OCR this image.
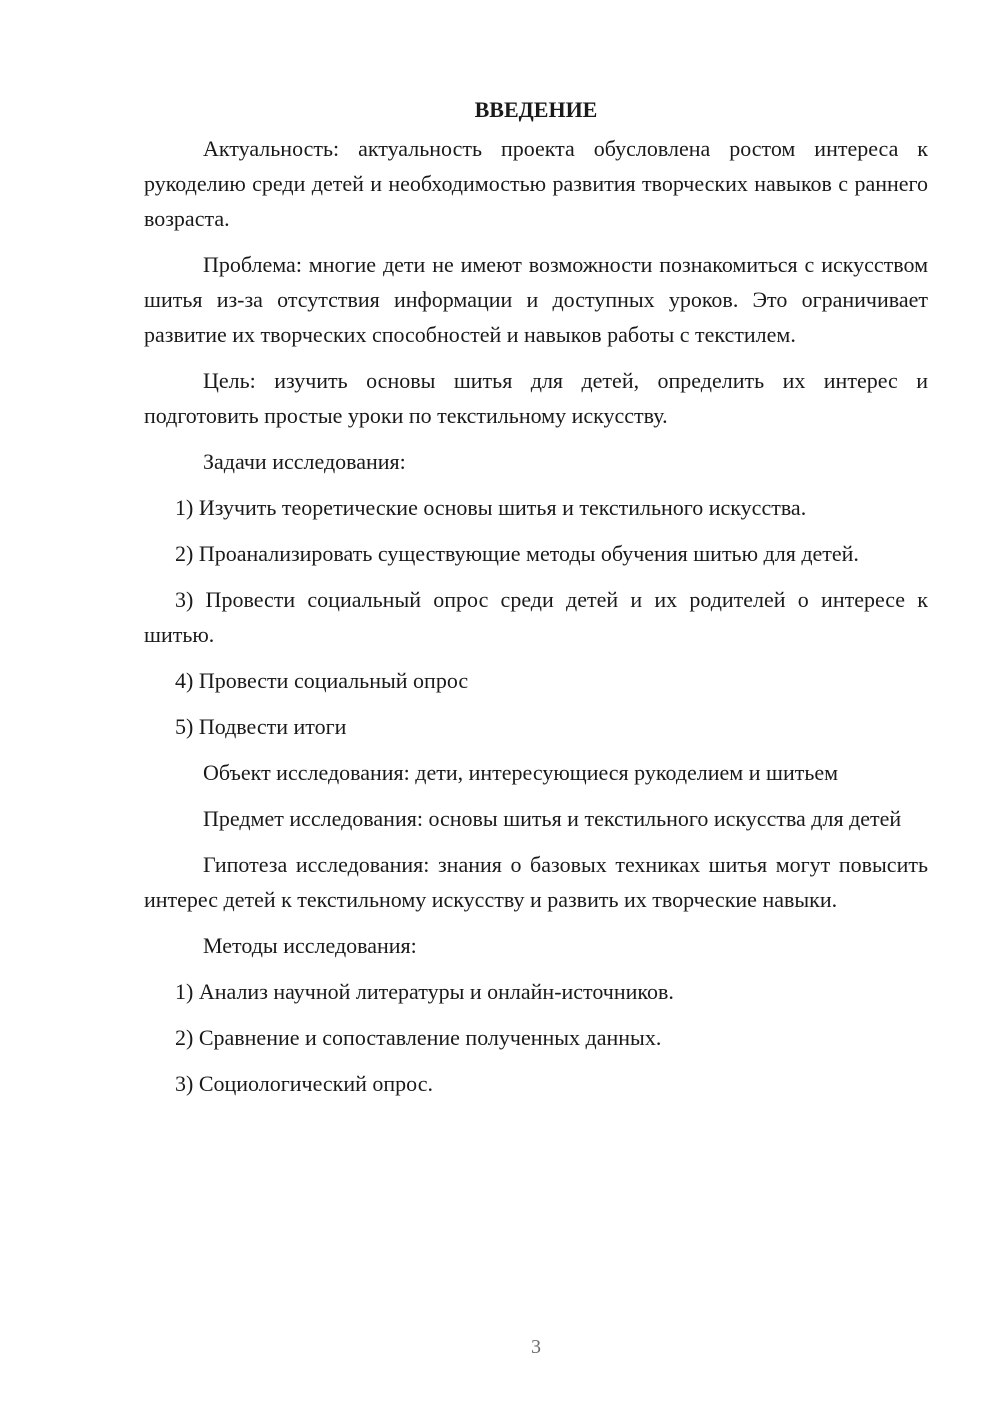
ВВЕДЕНИЕ

Актуальность: актуальность проекта обусловлена ростом интереса к рукоделию среди детей и необходимостью развития творческих навыков с раннего возраста.

Проблема: многие дети не имеют возможности познакомиться с искусством шитья из-за отсутствия информации и доступных уроков. Это ограничивает развитие их творческих способностей и навыков работы с текстилем.

Цель: изучить основы шитья для детей, определить их интерес и подготовить простые уроки по текстильному искусству.

Задачи исследования:

1) Изучить теоретические основы шитья и текстильного искусства.

2) Проанализировать существующие методы обучения шитью для детей.

3) Провести социальный опрос среди детей и их родителей о интересе к шитью.

4) Провести социальный опрос

5) Подвести итоги

Объект исследования: дети, интересующиеся рукоделием и шитьем

Предмет исследования: основы шитья и текстильного искусства для детей

Гипотеза исследования: знания о базовых техниках шитья могут повысить интерес детей к текстильному искусству и развить их творческие навыки.

Методы исследования:

1) Анализ научной литературы и онлайн-источников.

2) Сравнение и сопоставление полученных данных.

3) Социологический опрос.

3
